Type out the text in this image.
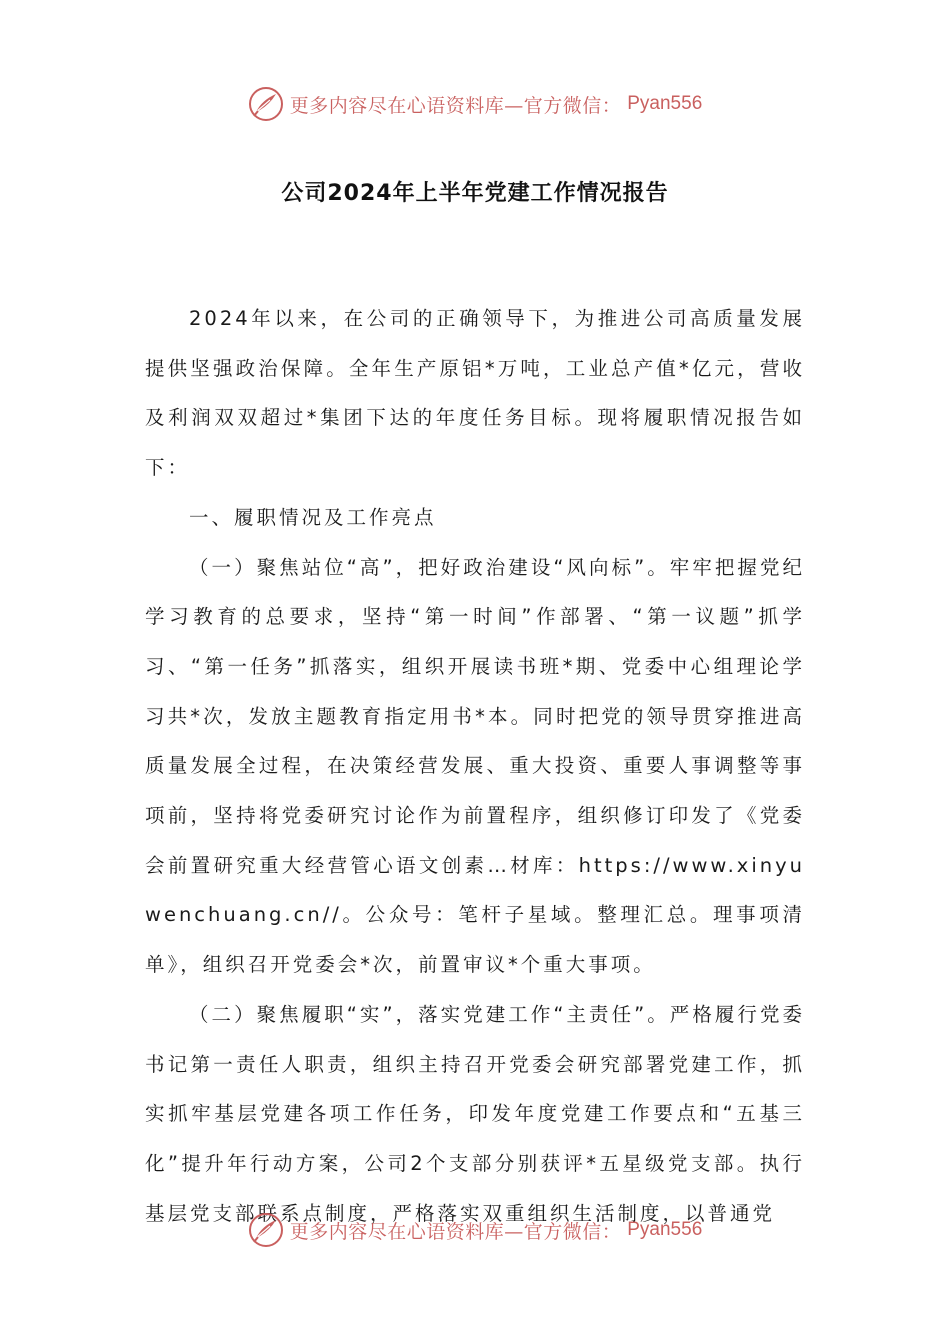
更多内容尽在心语资料库—官方微信： Pyan556
公司2024年上半年党建工作情况报告

2024年以来，在公司的正确领导下，为推进公司高质量发展提供坚强政治保障。全年生产原铝*万吨，工业总产值*亿元，营收及利润双双超过*集团下达的年度任务目标。现将履职情况报告如下：

一、履职情况及工作亮点

（一）聚焦站位“高”，把好政治建设“风向标”。牢牢把握党纪学习教育的总要求，坚持“第一时间”作部署、“第一议题”抓学习、“第一任务”抓落实，组织开展读书班*期、党委中心组理论学习共*次，发放主题教育指定用书*本。同时把党的领导贯穿推进高质量发展全过程，在决策经营发展、重大投资、重要人事调整等事项前，坚持将党委研究讨论作为前置程序，组织修订印发了《党委会前置研究重大经营管心语文创素…材库：https://www.xinyuwenchuang.cn//。公众号：笔杆子星域。整理汇总。理事项清单》，组织召开党委会*次，前置审议*个重大事项。

（二）聚焦履职“实”，落实党建工作“主责任”。严格履行党委书记第一责任人职责，组织主持召开党委会研究部署党建工作，抓实抓牢基层党建各项工作任务，印发年度党建工作要点和“五基三化”提升年行动方案，公司2个支部分别获评*五星级党支部。执行基层党支部联系点制度，严格落实双重组织生活制度，以普通党

更多内容尽在心语资料库—官方微信： Pyan556
